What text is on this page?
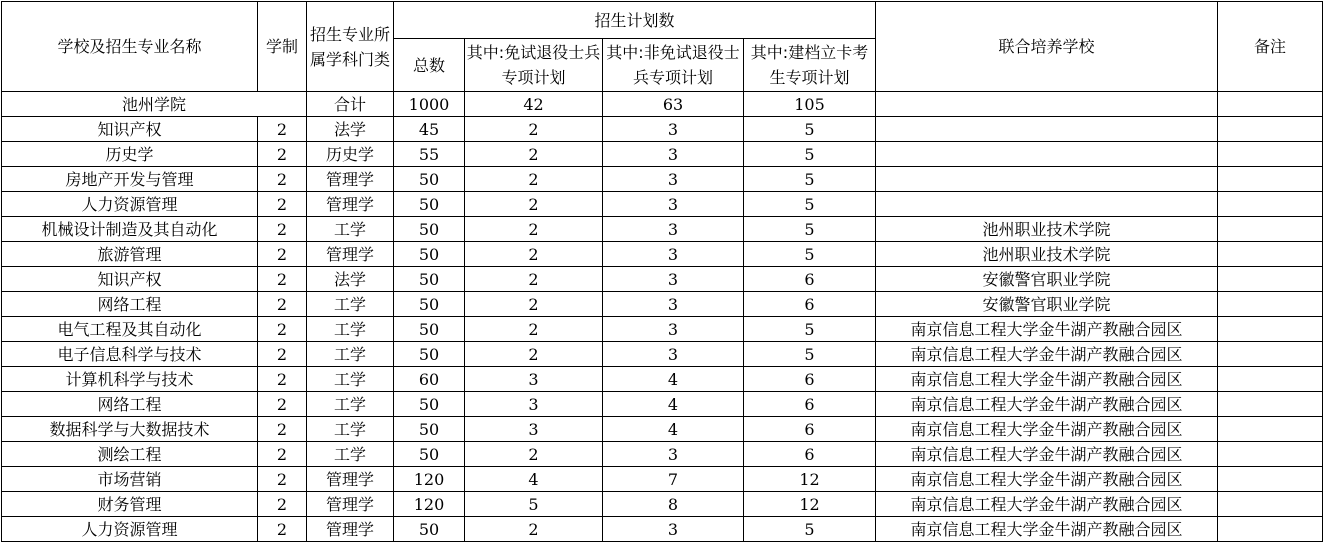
学校及招生专业名称	学制	招生专业所属学科门类	招生计划数				联合培养学校	备注
			总数	其中:免试退役士兵专项计划	其中:非免试退役士兵专项计划	其中:建档立卡考生专项计划		
池州学院		合计	1000	42	63	105		
知识产权	2	法学	45	2	3	5		
历史学	2	历史学	55	2	3	5		
房地产开发与管理	2	管理学	50	2	3	5		
人力资源管理	2	管理学	50	2	3	5		
机械设计制造及其自动化	2	工学	50	2	3	5	池州职业技术学院	
旅游管理	2	管理学	50	2	3	5	池州职业技术学院	
知识产权	2	法学	50	2	3	6	安徽警官职业学院	
网络工程	2	工学	50	2	3	6	安徽警官职业学院	
电气工程及其自动化	2	工学	50	2	3	5	南京信息工程大学金牛湖产教融合园区	
电子信息科学与技术	2	工学	50	2	3	5	南京信息工程大学金牛湖产教融合园区	
计算机科学与技术	2	工学	60	3	4	6	南京信息工程大学金牛湖产教融合园区	
网络工程	2	工学	50	3	4	6	南京信息工程大学金牛湖产教融合园区	
数据科学与大数据技术	2	工学	50	3	4	6	南京信息工程大学金牛湖产教融合园区	
测绘工程	2	工学	50	2	3	6	南京信息工程大学金牛湖产教融合园区	
市场营销	2	管理学	120	4	7	12	南京信息工程大学金牛湖产教融合园区	
财务管理	2	管理学	120	5	8	12	南京信息工程大学金牛湖产教融合园区	
人力资源管理	2	管理学	50	2	3	5	南京信息工程大学金牛湖产教融合园区	
